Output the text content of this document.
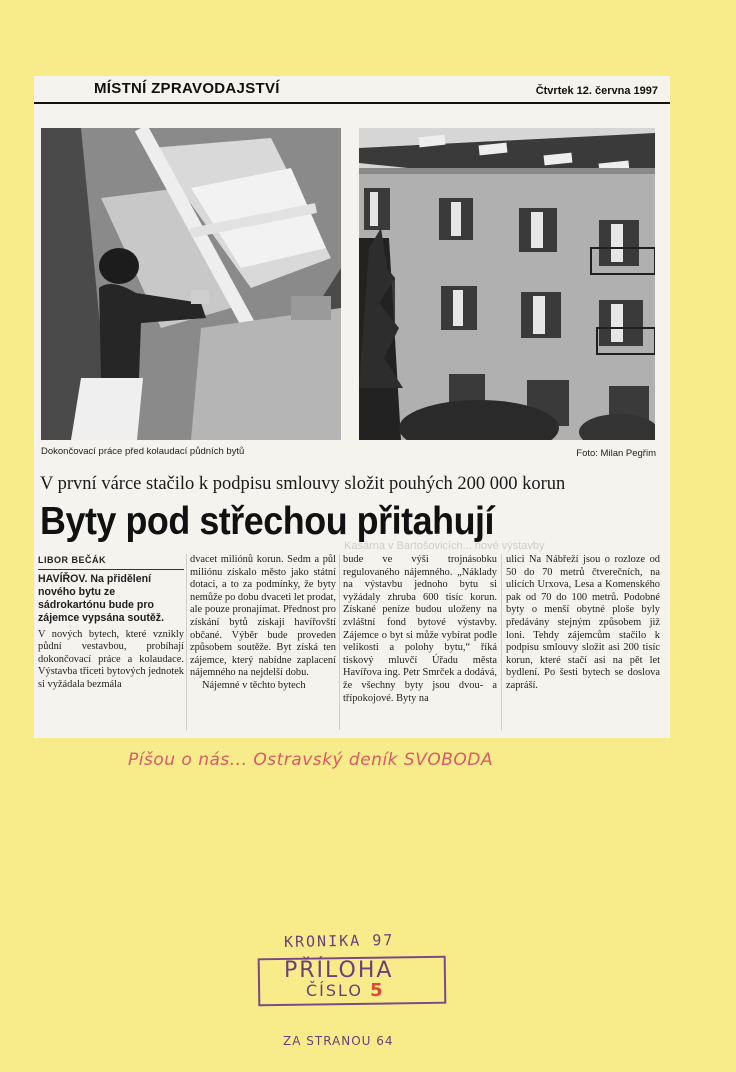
MÍSTNÍ ZPRAVODAJSTVÍ	Čtvrtek 12. června 1997
Dokončovací práce před kolaudací půdních bytů	Foto: Milan Pegřim
V první várce stačilo k podpisu smlouvy složit pouhých 200 000 korun
Byty pod střechou přitahují
Kasárna v Bartošovicích... nové výstavby
LIBOR BEČÁK
HAVÍŘOV. Na přidělení nového bytu ze sádrokartónu bude pro zájemce vypsána soutěž.
V nových bytech, které vznikly půdní vestavbou, probíhají dokončovací práce a kolaudace. Výstavba třiceti bytových jednotek si vyžádala bezmála
dvacet miliónů korun. Sedm a půl miliónu získalo město jako státní dotaci, a to za podmínky, že byty nemůže po dobu dvaceti let prodat, ale pouze pronajímat. Přednost pro získání bytů získají havířovští občané. Výběr bude proveden způsobem soutěže. Byt získá ten zájemce, který nabídne zaplacení nájemného na nejdelší dobu.
Nájemné v těchto bytech
bude ve výši trojnásobku regulovaného nájemného. „Náklady na výstavbu jednoho bytu si vyžádaly zhruba 600 tisíc korun. Získané peníze budou uloženy na zvláštní fond bytové výstavby. Zájemce o byt si může vybírat podle velikosti a polohy bytu,“ říká tiskový mluvčí Úřadu města Havířova ing. Petr Smrček a dodává, že všechny byty jsou dvou- a třípokojové. Byty na
ulici Na Nábřeží jsou o rozloze od 50 do 70 metrů čtverečních, na ulicích Urxova, Lesa a Komenského pak od 70 do 100 metrů. Podobné byty o menší obytné ploše byly předávány stejným způsobem již loni. Tehdy zájemcům stačilo k podpisu smlouvy složit asi 200 tisíc korun, které stačí asi na pět let bydlení. Po šesti bytech se doslova zapráší.
Píšou o nás... Ostravský deník SVOBODA
KRONIKA 97
PŘÍLOHA
ČÍSLO 5
ZA STRANOU 64
